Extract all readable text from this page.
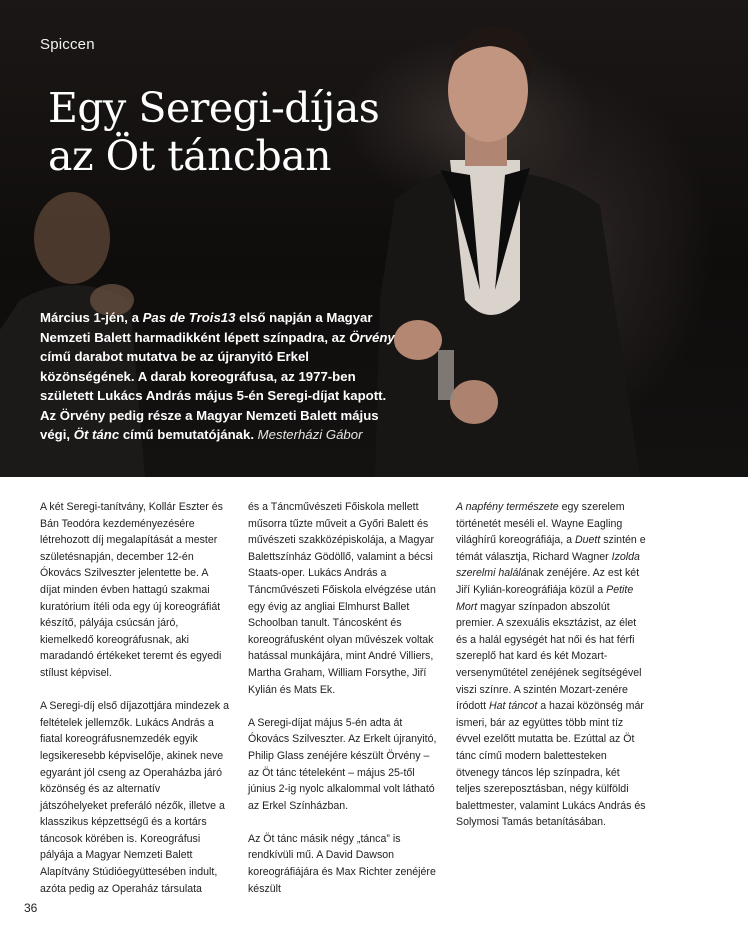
Spiccen
Egy Seregi-díjas
az Öt táncban

Március 1-jén, a Pas de Trois13 első napján a Magyar Nemzeti Balett harmadikként lépett színpadra, az Örvény című darabot mutatva be az újranyitó Erkel közönségének. A darab koreográfusa, az 1977-ben született Lukács András május 5-én Seregi-díjat kapott. Az Örvény pedig része a Magyar Nemzeti Balett május végi, Öt tánc című bemutatójának. Mesterházi Gábor

A két Seregi-tanítvány, Kollár Eszter és Bán Teodóra kezdeményezésére létrehozott díj megalapítását a mester születésnapján, december 12-én Ókovács Szilveszter jelentette be. A díjat minden évben hattagú szakmai kuratórium ítéli oda egy új koreográfiát készítő, pályája csúcsán járó, kiemelkedő koreográfusnak, aki maradandó értékeket teremt és egyedi stílust képvisel.

A Seregi-díj első díjazottjára mindezek a feltételek jellemzők. Lukács András a fiatal koreográfusnemzedék egyik legsikeresebb képviselője, akinek neve egyaránt jól cseng az Operaházba járó közönség és az alternatív játszóhelyeket preferáló nézők, illetve a klasszikus képzettségű és a kortárs táncosok körében is. Koreográfusi pályája a Magyar Nemzeti Balett Alapítvány Stúdióegyüttesében indult, azóta pedig az Operaház társulata

és a Táncművészeti Főiskola mellett műsorra tűzte műveit a Győri Balett és művészeti szakközépiskolája, a Magyar Balettszínház Gödöllő, valamint a bécsi Staats-oper. Lukács András a Táncművészeti Főiskola elvégzése után egy évig az angliai Elmhurst Ballet Schoolban tanult. Táncosként és koreográfusként olyan művészek voltak hatással munkájára, mint André Villiers, Martha Graham, William Forsythe, Jiří Kylián és Mats Ek.

A Seregi-díjat május 5-én adta át Ókovács Szilveszter. Az Erkelt újranyitó, Philip Glass zenéjére készült Örvény – az Öt tánc tételeként – május 25-től június 2-ig nyolc alkalommal volt látható az Erkel Színházban.

Az Öt tánc másik négy „tánca” is rendkívüli mű. A David Dawson koreográfiájára és Max Richter zenéjére készült

A napfény természete egy szerelem történetét meséli el. Wayne Eagling világhírű koreográfiája, a Duett szintén e témát választja, Richard Wagner Izolda szerelmi halálának zenéjére. Az est két Jiří Kylián-koreográfiája közül a Petite Mort magyar színpadon abszolút premier. A szexuális eksztázist, az élet és a halál egységét hat női és hat férfi szereplő hat kard és két Mozart-versenyműtétel zenéjének segítségével viszi színre. A szintén Mozart-zenére íródott Hat táncot a hazai közönség már ismeri, bár az együttes több mint tíz évvel ezelőtt mutatta be. Ezúttal az Öt tánc című modern balettesteken ötvenegy táncos lép színpadra, két teljes szereposztásban, négy külföldi balettmester, valamint Lukács András és Solymosi Tamás betanításában.

36
